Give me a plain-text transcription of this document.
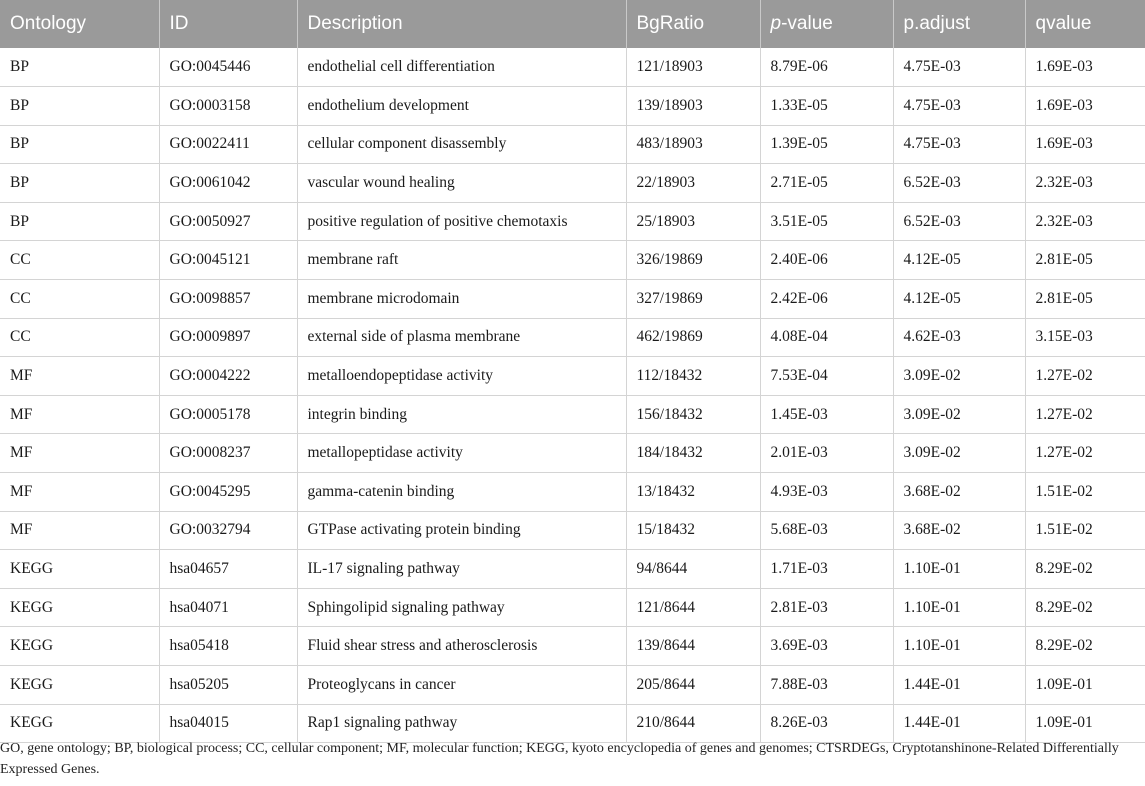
Ontology	ID	Description	BgRatio	p-value	p.adjust	qvalue
BP	GO:0045446	endothelial cell differentiation	121/18903	8.79E-06	4.75E-03	1.69E-03
BP	GO:0003158	endothelium development	139/18903	1.33E-05	4.75E-03	1.69E-03
BP	GO:0022411	cellular component disassembly	483/18903	1.39E-05	4.75E-03	1.69E-03
BP	GO:0061042	vascular wound healing	22/18903	2.71E-05	6.52E-03	2.32E-03
BP	GO:0050927	positive regulation of positive chemotaxis	25/18903	3.51E-05	6.52E-03	2.32E-03
CC	GO:0045121	membrane raft	326/19869	2.40E-06	4.12E-05	2.81E-05
CC	GO:0098857	membrane microdomain	327/19869	2.42E-06	4.12E-05	2.81E-05
CC	GO:0009897	external side of plasma membrane	462/19869	4.08E-04	4.62E-03	3.15E-03
MF	GO:0004222	metalloendopeptidase activity	112/18432	7.53E-04	3.09E-02	1.27E-02
MF	GO:0005178	integrin binding	156/18432	1.45E-03	3.09E-02	1.27E-02
MF	GO:0008237	metallopeptidase activity	184/18432	2.01E-03	3.09E-02	1.27E-02
MF	GO:0045295	gamma-catenin binding	13/18432	4.93E-03	3.68E-02	1.51E-02
MF	GO:0032794	GTPase activating protein binding	15/18432	5.68E-03	3.68E-02	1.51E-02
KEGG	hsa04657	IL-17 signaling pathway	94/8644	1.71E-03	1.10E-01	8.29E-02
KEGG	hsa04071	Sphingolipid signaling pathway	121/8644	2.81E-03	1.10E-01	8.29E-02
KEGG	hsa05418	Fluid shear stress and atherosclerosis	139/8644	3.69E-03	1.10E-01	8.29E-02
KEGG	hsa05205	Proteoglycans in cancer	205/8644	7.88E-03	1.44E-01	1.09E-01
KEGG	hsa04015	Rap1 signaling pathway	210/8644	8.26E-03	1.44E-01	1.09E-01
GO, gene ontology; BP, biological process; CC, cellular component; MF, molecular function; KEGG, kyoto encyclopedia of genes and genomes; CTSRDEGs, Cryptotanshinone-Related Differentially Expressed Genes.
